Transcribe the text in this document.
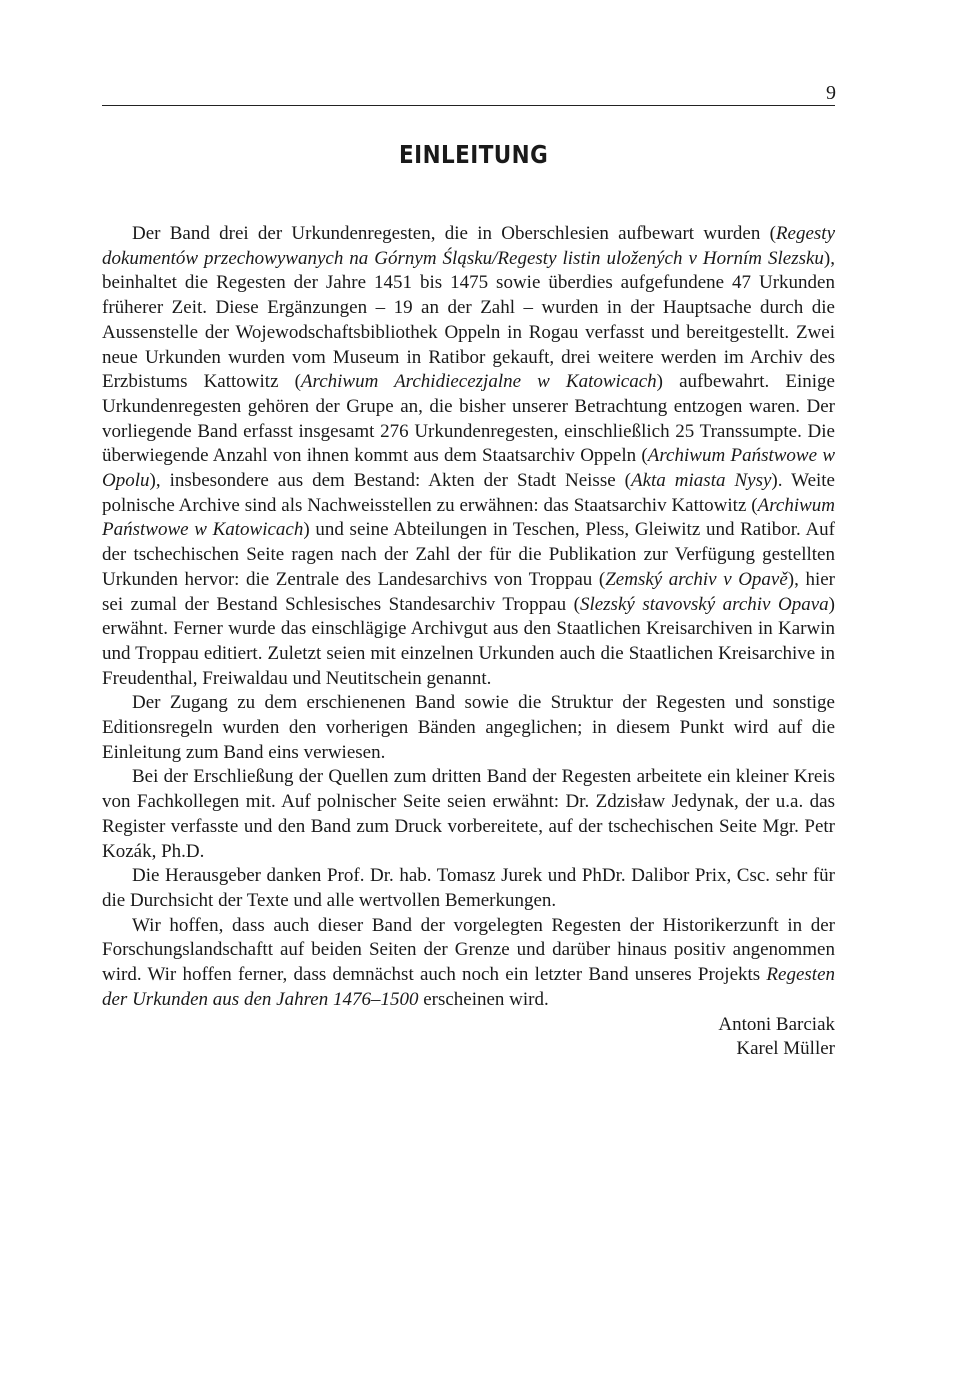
9
EINLEITUNG

Der Band drei der Urkundenregesten, die in Oberschlesien aufbewart wurden (Regesty dokumentów przechowywanych na Górnym Śląsku/Regesty listin uložených v Horním Slezsku), beinhaltet die Regesten der Jahre 1451 bis 1475 sowie überdies aufgefundene 47 Urkunden früherer Zeit. Diese Ergänzungen – 19 an der Zahl – wurden in der Hauptsache durch die Aussenstelle der Wojewodschaftsbibliothek Oppeln in Rogau verfasst und bereitgestellt. Zwei neue Urkunden wurden vom Museum in Ratibor gekauft, drei weitere werden im Archiv des Erzbistums Kattowitz (Archiwum Archidiecezjalne w Katowicach) aufbewahrt. Einige Urkundenregesten gehören der Grupe an, die bisher unserer Betrachtung entzogen waren. Der vorliegende Band erfasst insgesamt 276 Urkundenregesten, einschließlich 25 Transsumpte. Die überwiegende Anzahl von ihnen kommt aus dem Staatsarchiv Oppeln (Archiwum Państwowe w Opolu), insbesondere aus dem Bestand: Akten der Stadt Neisse (Akta miasta Nysy). Weite polnische Archive sind als Nachweisstellen zu erwähnen: das Staatsarchiv Kattowitz (Archiwum Państwowe w Katowicach) und seine Abteilungen in Teschen, Pless, Gleiwitz und Ratibor. Auf der tschechischen Seite ragen nach der Zahl der für die Publikation zur Verfügung gestellten Urkunden hervor: die Zentrale des Landesarchivs von Troppau (Zemský archiv v Opavě), hier sei zumal der Bestand Schlesisches Standesarchiv Troppau (Slezský stavovský archiv Opava) erwähnt. Ferner wurde das einschlägige Archivgut aus den Staatlichen Kreisarchiven in Karwin und Troppau editiert. Zuletzt seien mit einzelnen Urkunden auch die Staatlichen Kreisarchive in Freudenthal, Freiwaldau und Neutitschein genannt.

Der Zugang zu dem erschienenen Band sowie die Struktur der Regesten und sonstige Editionsregeln wurden den vorherigen Bänden angeglichen; in diesem Punkt wird auf die Einleitung zum Band eins verwiesen.

Bei der Erschließung der Quellen zum dritten Band der Regesten arbeitete ein kleiner Kreis von Fachkollegen mit. Auf polnischer Seite seien erwähnt: Dr. Zdzisław Jedynak, der u.a. das Register verfasste und den Band zum Druck vorbereitete, auf der tschechischen Seite Mgr. Petr Kozák, Ph.D.

Die Herausgeber danken Prof. Dr. hab. Tomasz Jurek und PhDr. Dalibor Prix, Csc. sehr für die Durchsicht der Texte und alle wertvollen Bemerkungen.

Wir hoffen, dass auch dieser Band der vorgelegten Regesten der Historikerzunft in der Forschungslandschaftt auf beiden Seiten der Grenze und darüber hinaus positiv angenommen wird. Wir hoffen ferner, dass demnächst auch noch ein letzter Band unseres Projekts Regesten der Urkunden aus den Jahren 1476–1500 erscheinen wird.

Antoni Barciak
Karel Müller
